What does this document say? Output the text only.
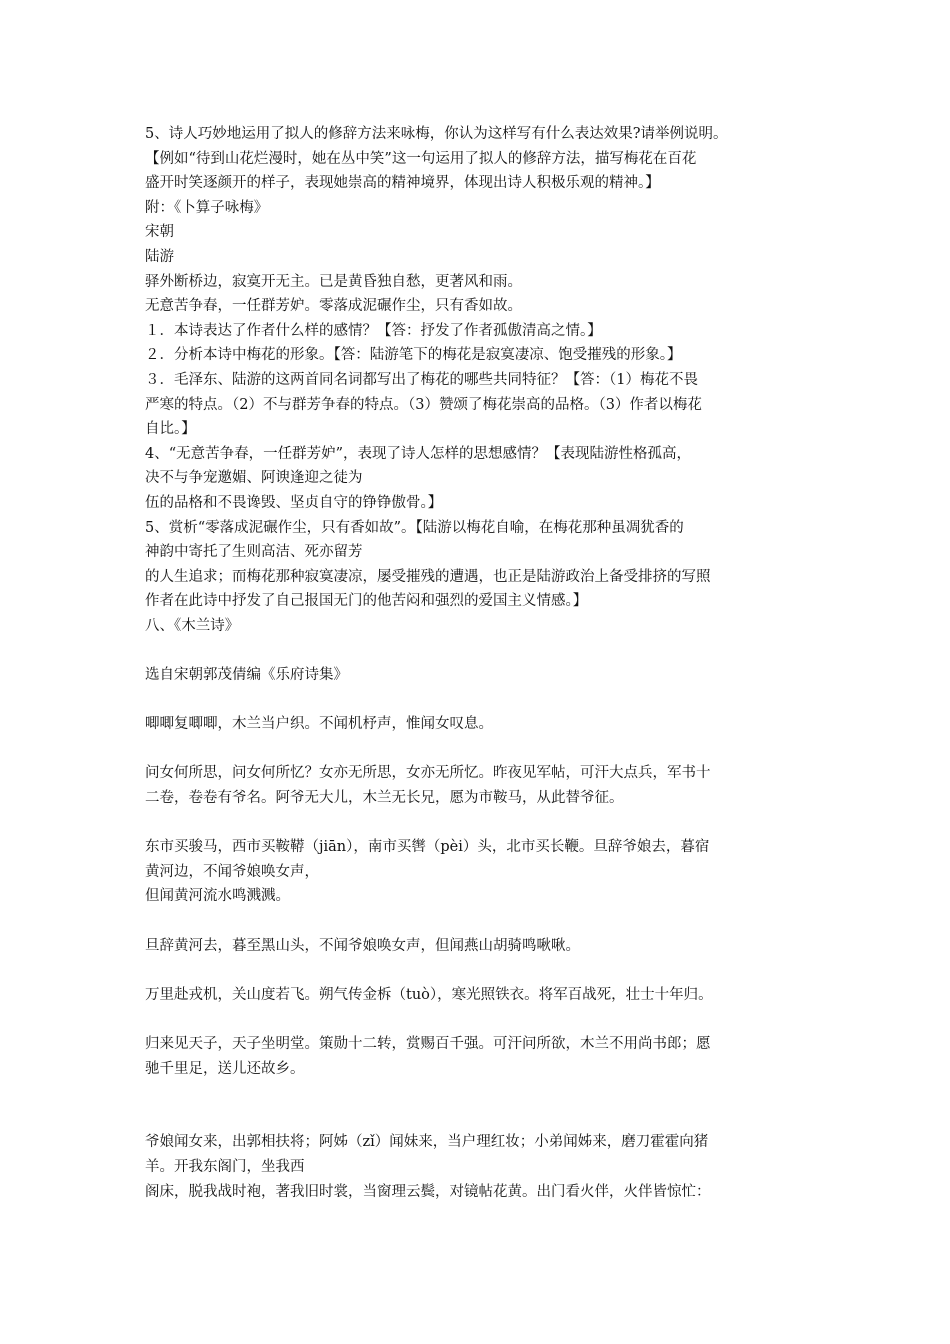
5、诗人巧妙地运用了拟人的修辞方法来咏梅，你认为这样写有什么表达效果?请举例说明。
【例如“待到山花烂漫时，她在丛中笑”这一句运用了拟人的修辞方法，描写梅花在百花
盛开时笑逐颜开的样子，表现她崇高的精神境界，体现出诗人积极乐观的精神。】
附：《卜算子咏梅》
宋朝
陆游
驿外断桥边，寂寞开无主。已是黄昏独自愁，更著风和雨。
无意苦争春，一任群芳妒。零落成泥碾作尘，只有香如故。
１．本诗表达了作者什么样的感情？【答：抒发了作者孤傲清高之情。】
２．分析本诗中梅花的形象。【答：陆游笔下的梅花是寂寞凄凉、饱受摧残的形象。】
３．毛泽东、陆游的这两首同名词都写出了梅花的哪些共同特征？【答：（1）梅花不畏
严寒的特点。（2）不与群芳争春的特点。（3）赞颂了梅花崇高的品格。（3）作者以梅花
自比。】
4、“无意苦争春，一任群芳妒”，表现了诗人怎样的思想感情？【表现陆游性格孤高，
决不与争宠邀媚、阿谀逢迎之徒为
伍的品格和不畏谗毁、坚贞自守的铮铮傲骨。】
5、赏析“零落成泥碾作尘，只有香如故”。【陆游以梅花自喻，在梅花那种虽凋犹香的
神韵中寄托了生则高洁、死亦留芳
的人生追求；而梅花那种寂寞凄凉，屡受摧残的遭遇，也正是陆游政治上备受排挤的写照
作者在此诗中抒发了自己报国无门的他苦闷和强烈的爱国主义情感。】
八、《木兰诗》
选自宋朝郭茂倩编《乐府诗集》
唧唧复唧唧，木兰当户织。不闻机杼声，惟闻女叹息。
问女何所思，问女何所忆？女亦无所思，女亦无所忆。昨夜见军帖，可汗大点兵，军书十
二卷，卷卷有爷名。阿爷无大儿，木兰无长兄，愿为市鞍马，从此替爷征。
东市买骏马，西市买鞍鞯（jiān），南市买辔（pèi）头，北市买长鞭。旦辞爷娘去，暮宿
黄河边，不闻爷娘唤女声，
但闻黄河流水鸣溅溅。
旦辞黄河去，暮至黑山头，不闻爷娘唤女声，但闻燕山胡骑鸣啾啾。
万里赴戎机，关山度若飞。朔气传金柝（tuò），寒光照铁衣。将军百战死，壮士十年归。
归来见天子，天子坐明堂。策勋十二转，赏赐百千强。可汗问所欲，木兰不用尚书郎；愿
驰千里足，送儿还故乡。
爷娘闻女来，出郭相扶将；阿姊（zǐ）闻妹来，当户理红妆；小弟闻姊来，磨刀霍霍向猪
羊。开我东阁门，坐我西
阁床，脱我战时袍，著我旧时裳，当窗理云鬓，对镜帖花黄。出门看火伴，火伴皆惊忙：
